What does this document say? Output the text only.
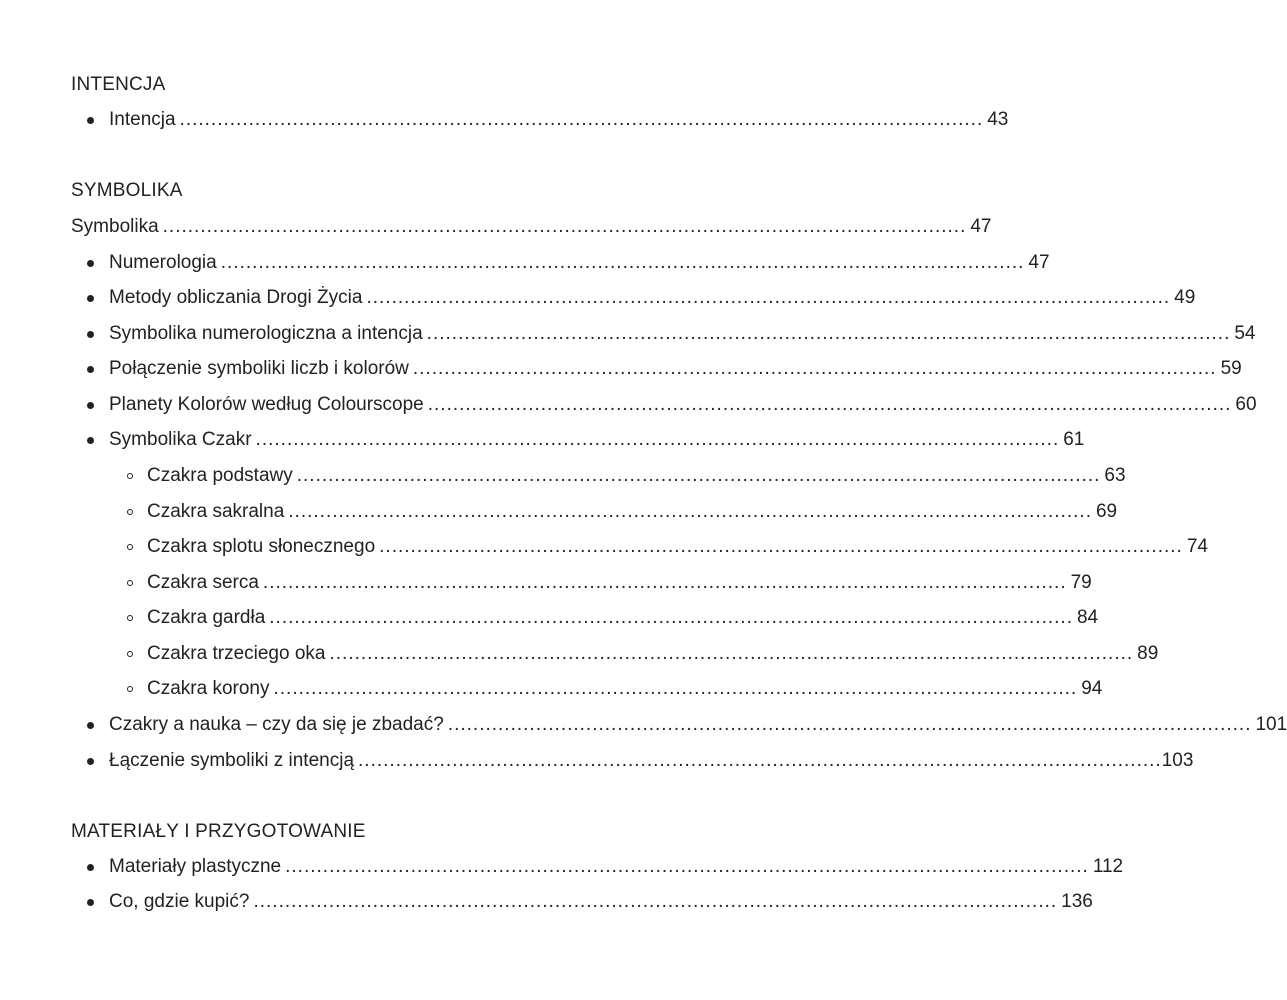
INTENCJA
Intencja ................................................................................................................................ 43
SYMBOLIKA
Symbolika ................................................................................................................................ 47
Numerologia ................................................................................................................................ 47
Metody obliczania Drogi Życia ................................................................................................................................ 49
Symbolika numerologiczna a intencja ................................................................................................................................ 54
Połączenie symboliki liczb i kolorów ................................................................................................................................ 59
Planety Kolorów według Colourscope ................................................................................................................................ 60
Symbolika Czakr ................................................................................................................................ 61
Czakra podstawy ................................................................................................................................ 63
Czakra sakralna ................................................................................................................................ 69
Czakra splotu słonecznego ................................................................................................................................ 74
Czakra serca ................................................................................................................................ 79
Czakra gardła ................................................................................................................................ 84
Czakra trzeciego oka ................................................................................................................................ 89
Czakra korony ................................................................................................................................ 94
Czakry a nauka – czy da się je zbadać? ................................................................................................................................ 101
Łączenie symboliki z intencją ................................................................................................................................ 103
MATERIAŁY I PRZYGOTOWANIE
Materiały plastyczne ................................................................................................................................ 112
Co, gdzie kupić? ................................................................................................................................ 136
